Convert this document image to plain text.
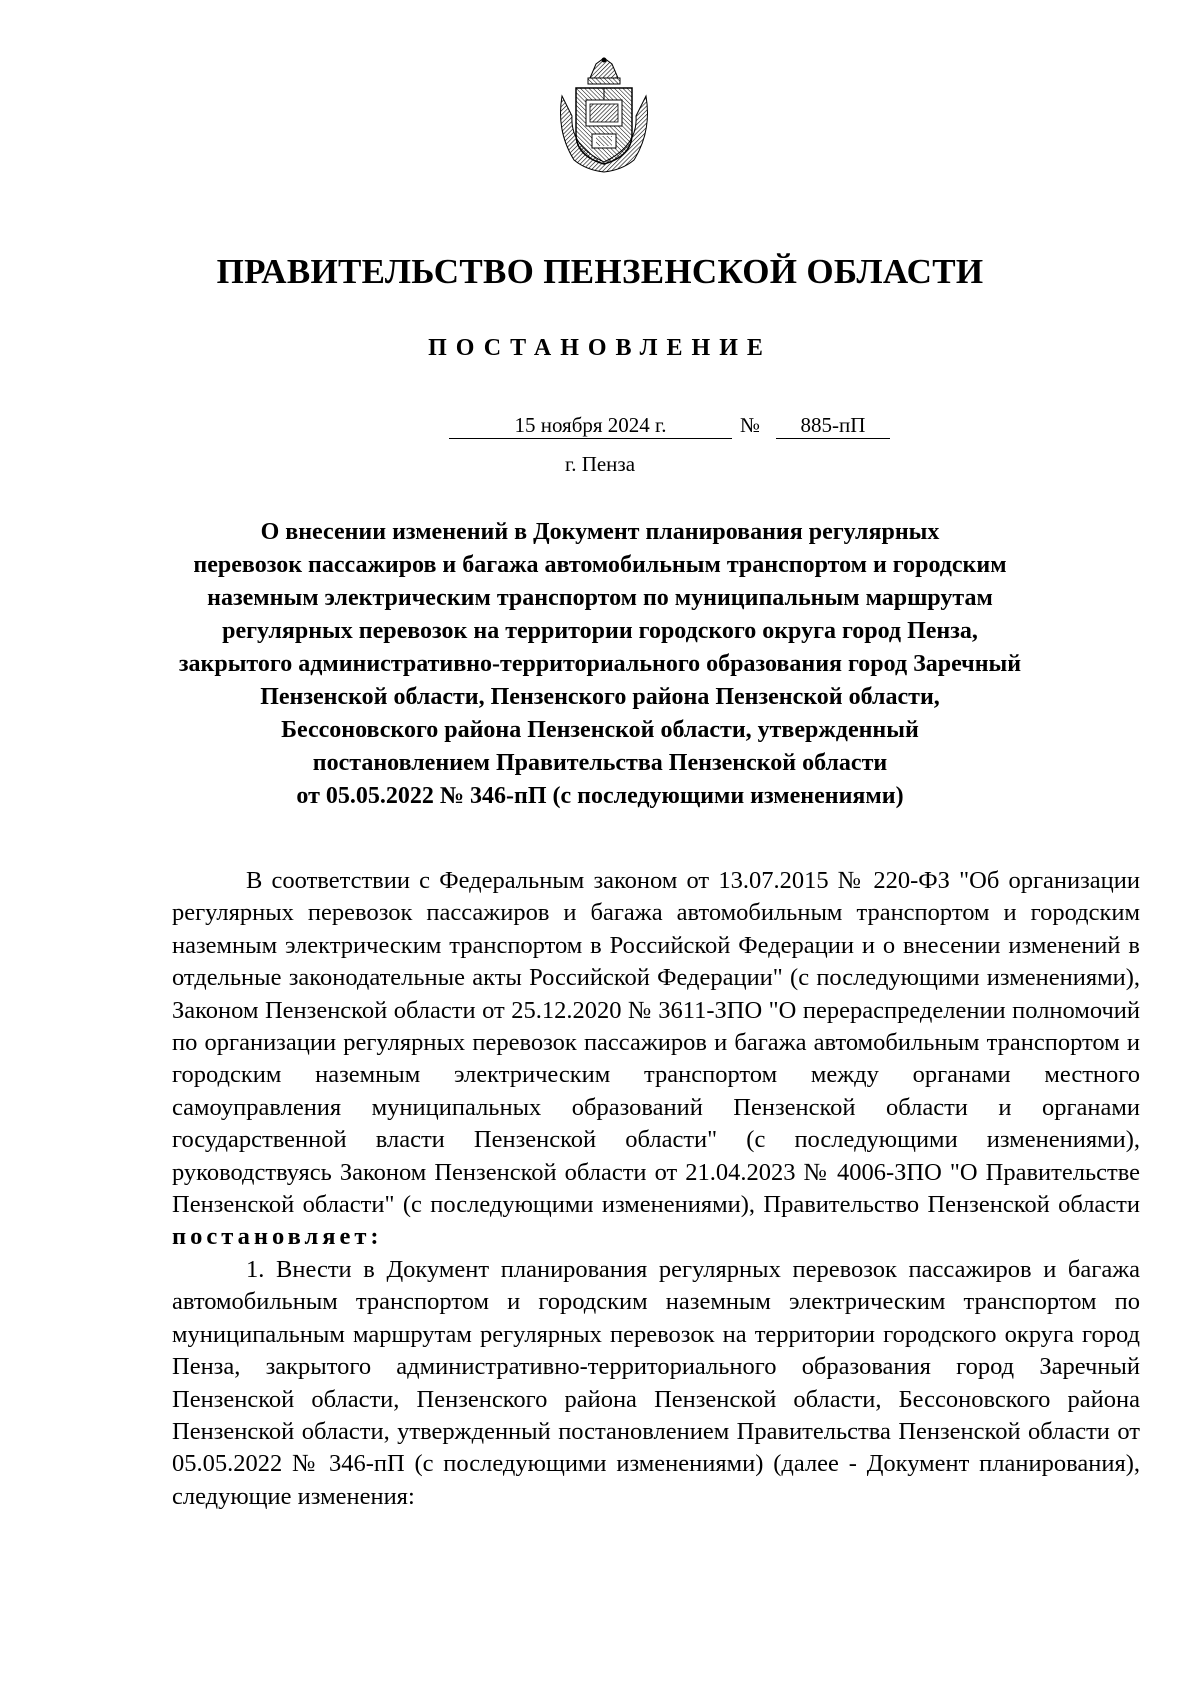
ПРАВИТЕЛЬСТВО ПЕНЗЕНСКОЙ ОБЛАСТИ
ПОСТАНОВЛЕНИЕ
15 ноября 2024 г.	№	885-пП
г. Пенза
О внесении изменений в Документ планирования регулярных
перевозок пассажиров и багажа автомобильным транспортом и городским
наземным электрическим транспортом по муниципальным маршрутам
регулярных перевозок на территории городского округа город Пенза,
закрытого административно-территориального образования город Заречный
Пензенской области, Пензенского района Пензенской области,
Бессоновского района Пензенской области, утвержденный
постановлением Правительства Пензенской области
от 05.05.2022 № 346-пП (с последующими изменениями)

В соответствии с Федеральным законом от 13.07.2015 № 220-ФЗ "Об организации регулярных перевозок пассажиров и багажа автомобильным транспортом и городским наземным электрическим транспортом в Российской Федерации и о внесении изменений в отдельные законодательные акты Российской Федерации" (с последующими изменениями), Законом Пензенской области от 25.12.2020 № 3611-ЗПО "О перераспределении полномочий по организации регулярных перевозок пассажиров и багажа автомобильным транспортом и городским наземным электрическим транспортом между органами местного самоуправления муниципальных образований Пензенской области и органами государственной власти Пензенской области" (с последующими изменениями), руководствуясь Законом Пензенской области от 21.04.2023 № 4006-ЗПО "О Правительстве Пензенской области" (с последующими изменениями), Правительство Пензенской области постановляет:

1. Внести в Документ планирования регулярных перевозок пассажиров и багажа автомобильным транспортом и городским наземным электрическим транспортом по муниципальным маршрутам регулярных перевозок на территории городского округа город Пенза, закрытого административно-территориального образования город Заречный Пензенской области, Пензенского района Пензенской области, Бессоновского района Пензенской области, утвержденный постановлением Правительства Пензенской области от 05.05.2022 № 346-пП (с последующими изменениями) (далее - Документ планирования), следующие изменения:
